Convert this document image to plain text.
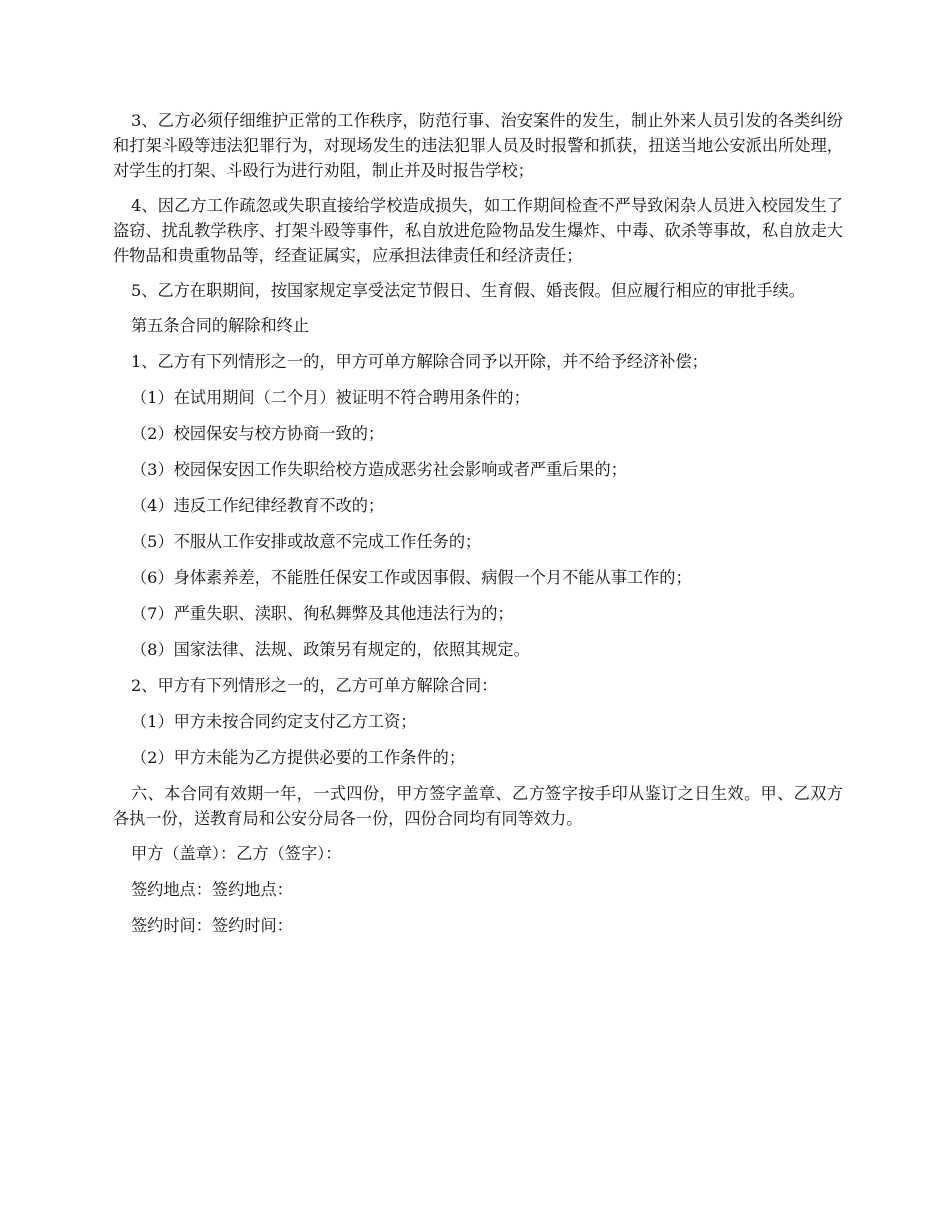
3、乙方必须仔细维护正常的工作秩序，防范行事、治安案件的发生，制止外来人员引发的各类纠纷和打架斗殴等违法犯罪行为，对现场发生的违法犯罪人员及时报警和抓获，扭送当地公安派出所处理，对学生的打架、斗殴行为进行劝阻，制止并及时报告学校；

4、因乙方工作疏忽或失职直接给学校造成损失，如工作期间检查不严导致闲杂人员进入校园发生了盗窃、扰乱教学秩序、打架斗殴等事件，私自放进危险物品发生爆炸、中毒、砍杀等事故，私自放走大件物品和贵重物品等，经查证属实，应承担法律责任和经济责任；

5、乙方在职期间，按国家规定享受法定节假日、生育假、婚丧假。但应履行相应的审批手续。

第五条合同的解除和终止

1、乙方有下列情形之一的，甲方可单方解除合同予以开除，并不给予经济补偿；

（1）在试用期间（二个月）被证明不符合聘用条件的；

（2）校园保安与校方协商一致的；

（3）校园保安因工作失职给校方造成恶劣社会影响或者严重后果的；

（4）违反工作纪律经教育不改的；

（5）不服从工作安排或故意不完成工作任务的；

（6）身体素养差，不能胜任保安工作或因事假、病假一个月不能从事工作的；

（7）严重失职、渎职、徇私舞弊及其他违法行为的；

（8）国家法律、法规、政策另有规定的，依照其规定。

2、甲方有下列情形之一的，乙方可单方解除合同：

（1）甲方未按合同约定支付乙方工资；

（2）甲方未能为乙方提供必要的工作条件的；

六、本合同有效期一年，一式四份，甲方签字盖章、乙方签字按手印从鉴订之日生效。甲、乙双方各执一份，送教育局和公安分局各一份，四份合同均有同等效力。

甲方（盖章）：乙方（签字）：

签约地点：签约地点：

签约时间：签约时间：
